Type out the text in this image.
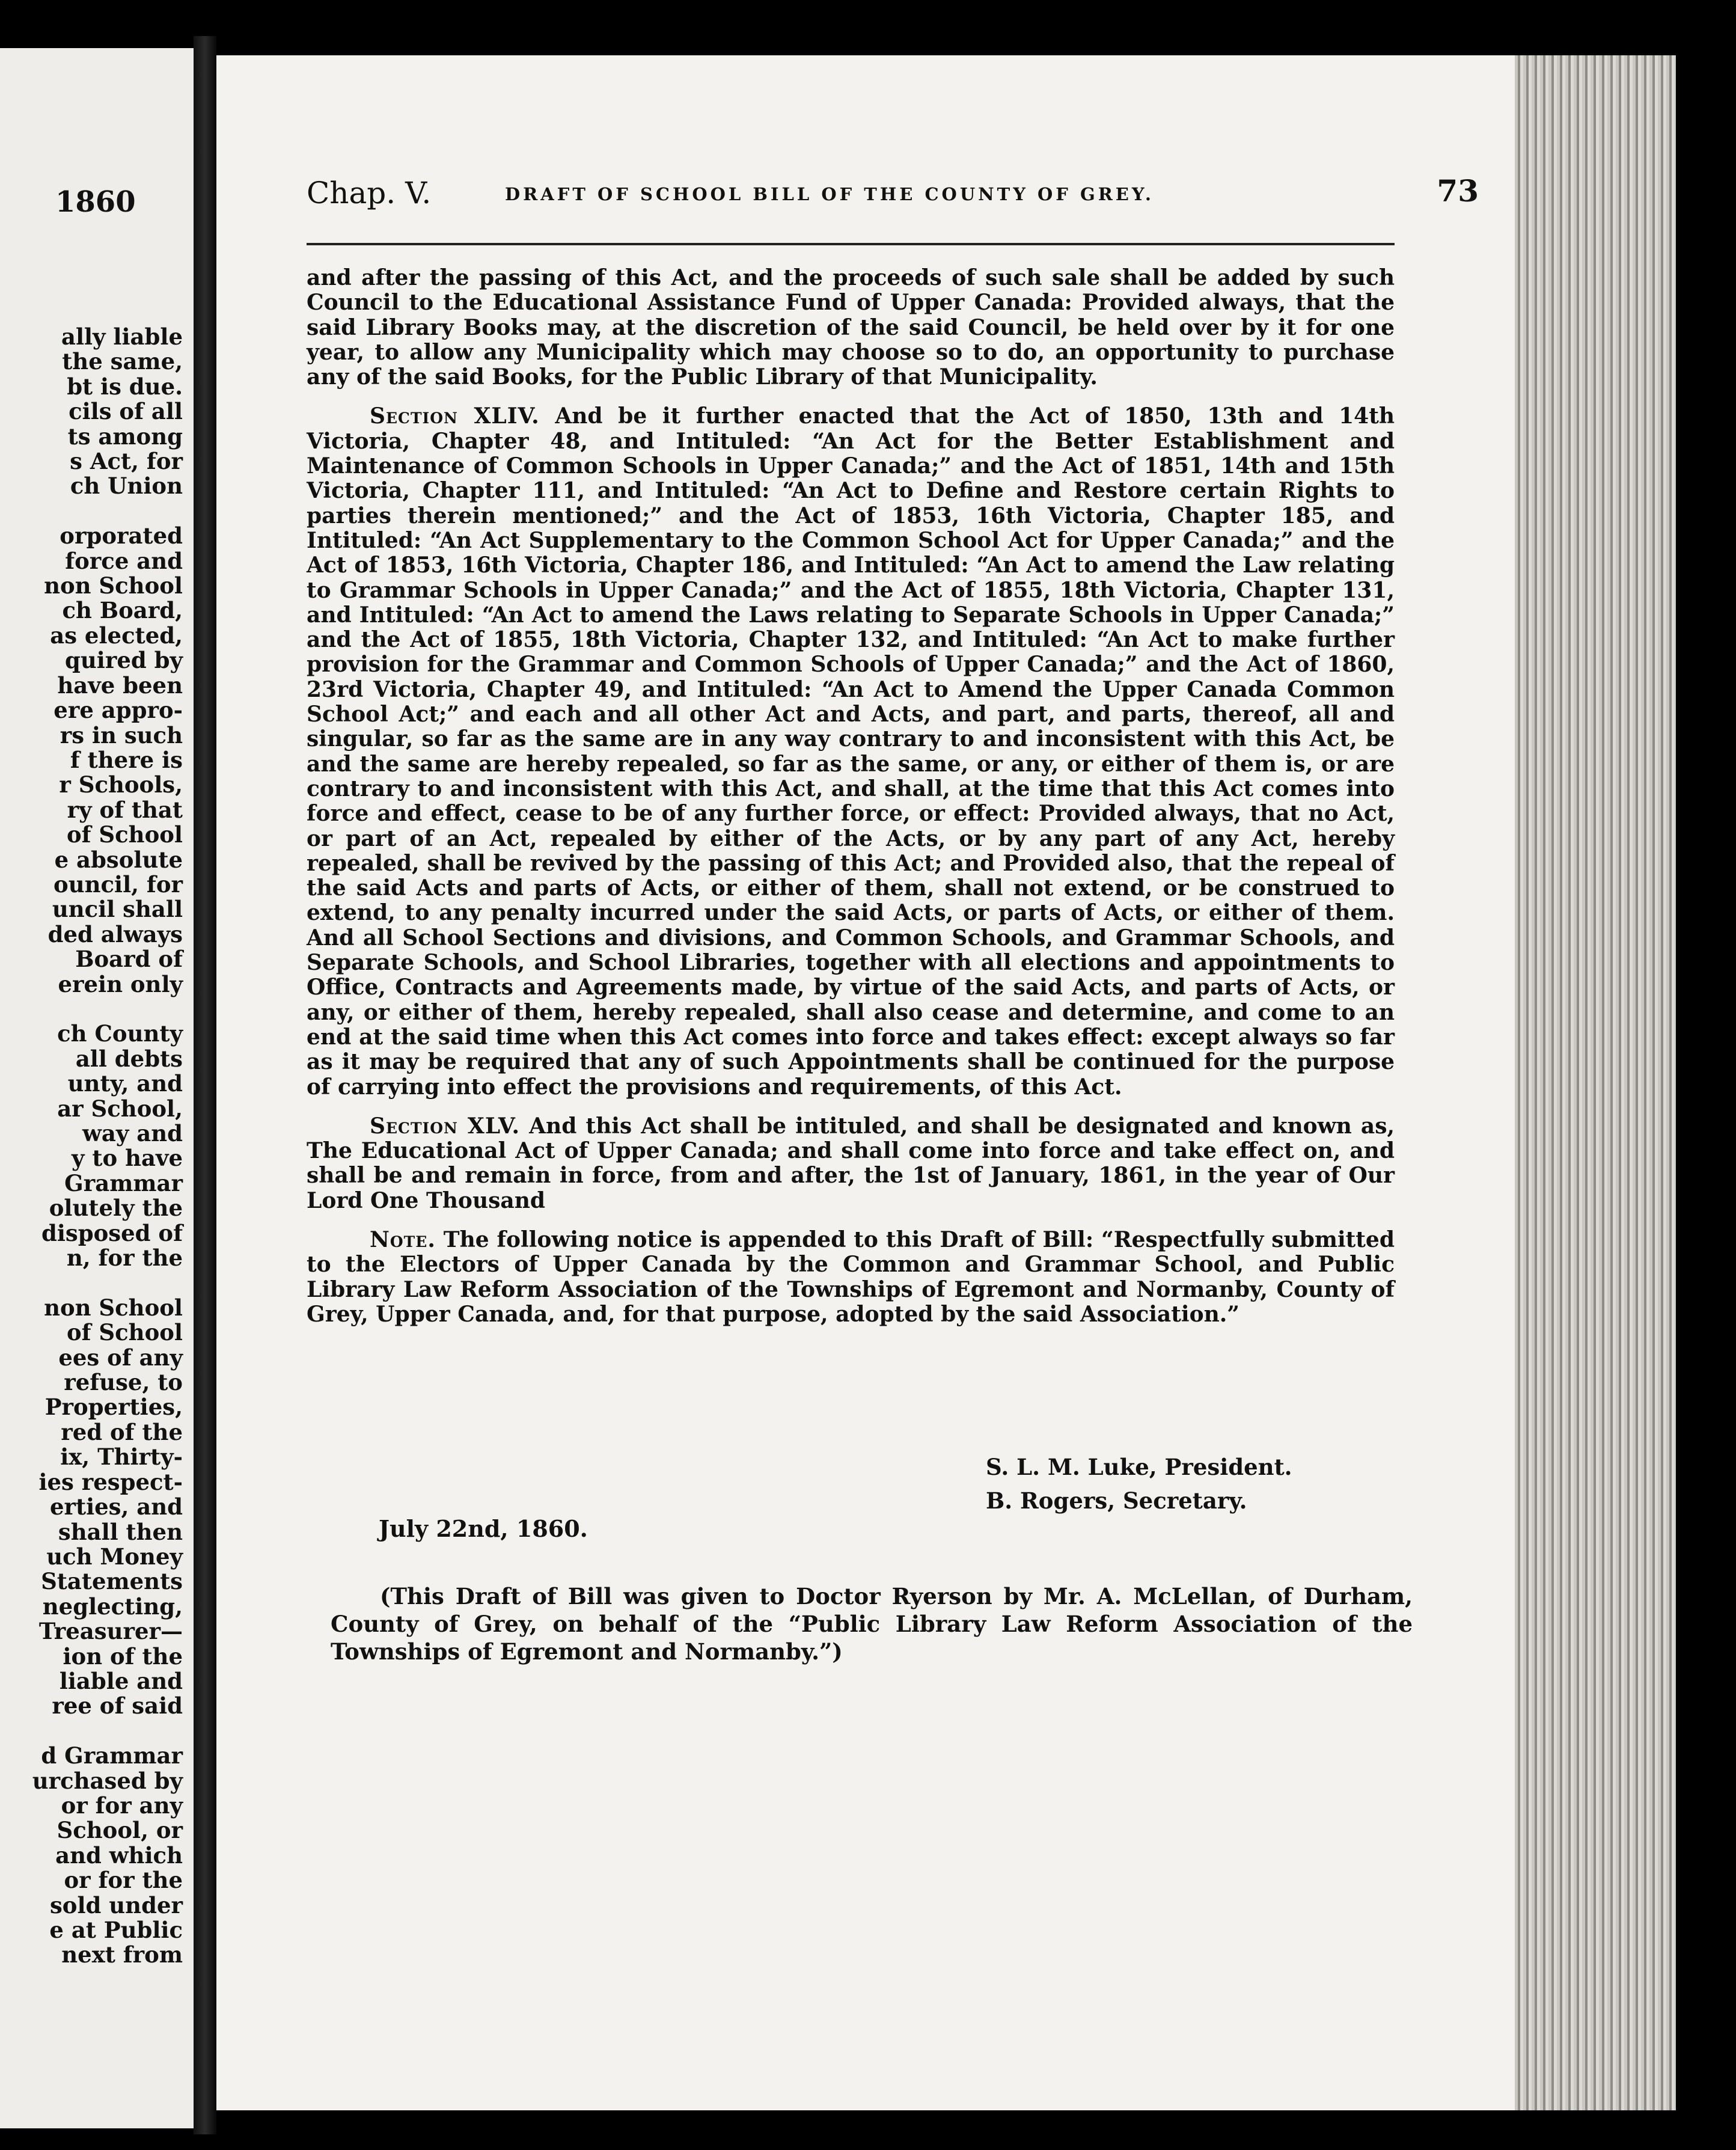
1860
ally liable
the same,
bt is due.
cils of all
ts among
s Act, for
ch Union

orporated
force and
non School
ch Board,
as elected,
quired by
have been
ere appro-
rs in such
f there is
r Schools,
ry of that
of School
e absolute
ouncil, for
uncil shall
ded always
Board of
erein only

ch County
all debts
unty, and
ar School,
way and
y to have
Grammar
olutely the
disposed of
n, for the

non School
of School
ees of any
refuse, to
Properties,
red of the
ix, Thirty-
ies respect-
erties, and
shall then
uch Money
Statements
neglecting,
Treasurer—
ion of the
liable and
ree of said

d Grammar
urchased by
or for any
School, or
and which
or for the
sold under
e at Public
next from
Chap. V.	DRAFT OF SCHOOL BILL OF THE COUNTY OF GREY.	73

and after the passing of this Act, and the proceeds of such sale shall be added by such Council to the Educational Assistance Fund of Upper Canada: Provided always, that the said Library Books may, at the discretion of the said Council, be held over by it for one year, to allow any Municipality which may choose so to do, an opportunity to purchase any of the said Books, for the Public Library of that Municipality.

Section XLIV. And be it further enacted that the Act of 1850, 13th and 14th Victoria, Chapter 48, and Intituled: “An Act for the Better Establishment and Maintenance of Common Schools in Upper Canada;” and the Act of 1851, 14th and 15th Victoria, Chapter 111, and Intituled: “An Act to Define and Restore certain Rights to parties therein mentioned;” and the Act of 1853, 16th Victoria, Chapter 185, and Intituled: “An Act Supplementary to the Common School Act for Upper Canada;” and the Act of 1853, 16th Victoria, Chapter 186, and Intituled: “An Act to amend the Law relating to Grammar Schools in Upper Canada;” and the Act of 1855, 18th Victoria, Chapter 131, and Intituled: “An Act to amend the Laws relating to Separate Schools in Upper Canada;” and the Act of 1855, 18th Victoria, Chapter 132, and Intituled: “An Act to make further provision for the Grammar and Common Schools of Upper Canada;” and the Act of 1860, 23rd Victoria, Chapter 49, and Intituled: “An Act to Amend the Upper Canada Common School Act;” and each and all other Act and Acts, and part, and parts, thereof, all and singular, so far as the same are in any way contrary to and inconsistent with this Act, be and the same are hereby repealed, so far as the same, or any, or either of them is, or are contrary to and inconsistent with this Act, and shall, at the time that this Act comes into force and effect, cease to be of any further force, or effect: Provided always, that no Act, or part of an Act, repealed by either of the Acts, or by any part of any Act, hereby repealed, shall be revived by the passing of this Act; and Provided also, that the repeal of the said Acts and parts of Acts, or either of them, shall not extend, or be construed to extend, to any penalty incurred under the said Acts, or parts of Acts, or either of them. And all School Sections and divisions, and Common Schools, and Grammar Schools, and Separate Schools, and School Libraries, together with all elections and appointments to Office, Contracts and Agreements made, by virtue of the said Acts, and parts of Acts, or any, or either of them, hereby repealed, shall also cease and determine, and come to an end at the said time when this Act comes into force and takes effect: except always so far as it may be required that any of such Appointments shall be continued for the purpose of carrying into effect the provisions and requirements, of this Act.

Section XLV. And this Act shall be intituled, and shall be designated and known as, The Educational Act of Upper Canada; and shall come into force and take effect on, and shall be and remain in force, from and after, the 1st of January, 1861, in the year of Our Lord One Thousand

Note. The following notice is appended to this Draft of Bill: “Respectfully submitted to the Electors of Upper Canada by the Common and Grammar School, and Public Library Law Reform Association of the Townships of Egremont and Normanby, County of Grey, Upper Canada, and, for that purpose, adopted by the said Association.”

S. L. M. Luke, President.
B. Rogers, Secretary.
July 22nd, 1860.
(This Draft of Bill was given to Doctor Ryerson by Mr. A. McLellan, of Durham, County of Grey, on behalf of the “Public Library Law Reform Association of the Townships of Egremont and Normanby.”)
